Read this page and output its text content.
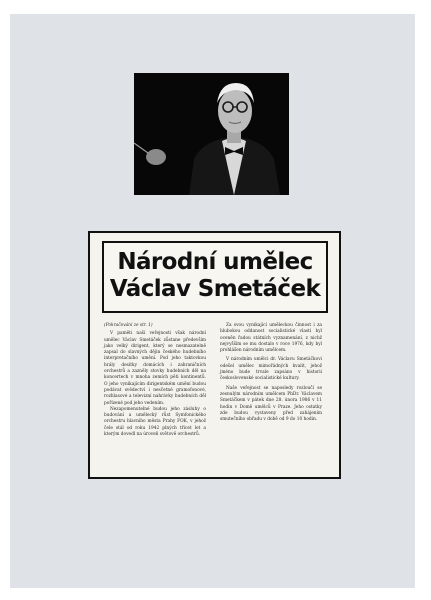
Národní umělec
Václav Smetáček
(Pokračování ze str. 1)

V paměti naší veřejnosti však národní umělec Václav Smetáček zůstane především jako velký dirigent, který se nesmazatelně zapsal do slavných dějin českého hudebního interpretačního umění. Pod jeho taktovkou hrály desítky domácích i zahraničních orchestrů a zazněly stovky hudebních děl na koncertech v mnoha zemích pěti kontinentů. O jeho vynikajícím dirigentském umění budou podávat svědectví i nesčetné gramofonové, rozhlasové a televizní nahrávky hudebních děl pořízené pod jeho vedením.

Nezapomenutelné budou jeho zásluhy o budování a umělecký růst Symfonického orchestru hlavního města Prahy FOK, v jehož čele stál od roku 1942 plných třicet let a kterým dovedl na úroveň světově orchestrů.

Za svou vynikající uměleckou činnost i za hlubokou oddanost socialistické vlasti byl oceněn řadou státních vyznamenání, z nichž nejvyšším se mu dostalo v roce 1976, kdy byl prohlášen národním umělcem.

V národním umělci dr. Václavu Smetáčkovi odešel umělec mimořádných kvalit, jehož jméno bude trvale zapsáno v historii československé socialistické kultury.

Naše veřejnost se naposledy rozloučí se zesnulým národním umělcem PhDr. Václavem Smetáčkem v pátek dne 28. února 1986 v 11 hodin v Domě umělců v Praze. Jeho ostatky zde budou vystaveny před zahájením smutečního obřadu v době od 9 do 10 hodin.
